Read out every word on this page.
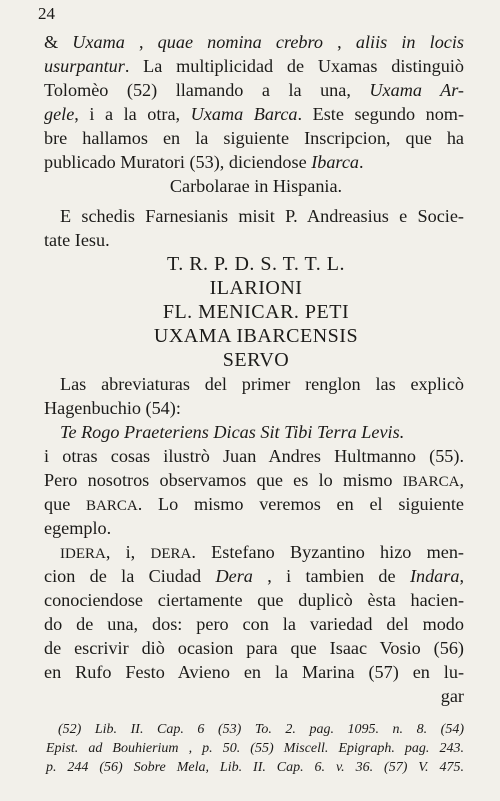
24
& Uxama , quae nomina crebro , aliis in locis
usurpantur. La multiplicidad de Uxamas distinguiò
Tolomèo (52) llamando a la una, Uxama Ar-
gele, i a la otra, Uxama Barca. Este segundo nom-
bre hallamos en la siguiente Inscripcion, que ha
publicado Muratori (53), diciendose Ibarca.
Carbolarae in Hispania.
E schedis Farnesianis misit P. Andreasius e Socie-
tate Iesu.
T. R. P. D. S. T. T. L.
ILARIONI
FL. MENICAR. PETI
UXAMA IBARCENSIS
SERVO
Las abreviaturas del primer renglon las explicò
Hagenbuchio (54):
Te Rogo Praeteriens Dicas Sit Tibi Terra Levis.
i otras cosas ilustrò Juan Andres Hultmanno (55).
Pero nosotros observamos que es lo mismo IBARCA,
que BARCA. Lo mismo veremos en el siguiente
egemplo.
IDERA, i, DERA. Estefano Byzantino hizo men-
cion de la Ciudad Dera , i tambien de Indara,
conociendose ciertamente que duplicò èsta hacien-
do de una, dos: pero con la variedad del modo
de escrivir diò ocasion para que Isaac Vosio (56)
en Rufo Festo Avieno en la Marina (57) en lu-
gar
(52) Lib. II. Cap. 6 (53) To. 2. pag. 1095. n. 8. (54)
Epist. ad Bouhierium , p. 50. (55) Miscell. Epigraph. pag. 243.
p. 244 (56) Sobre Mela, Lib. II. Cap. 6. v. 36. (57) V. 475.
